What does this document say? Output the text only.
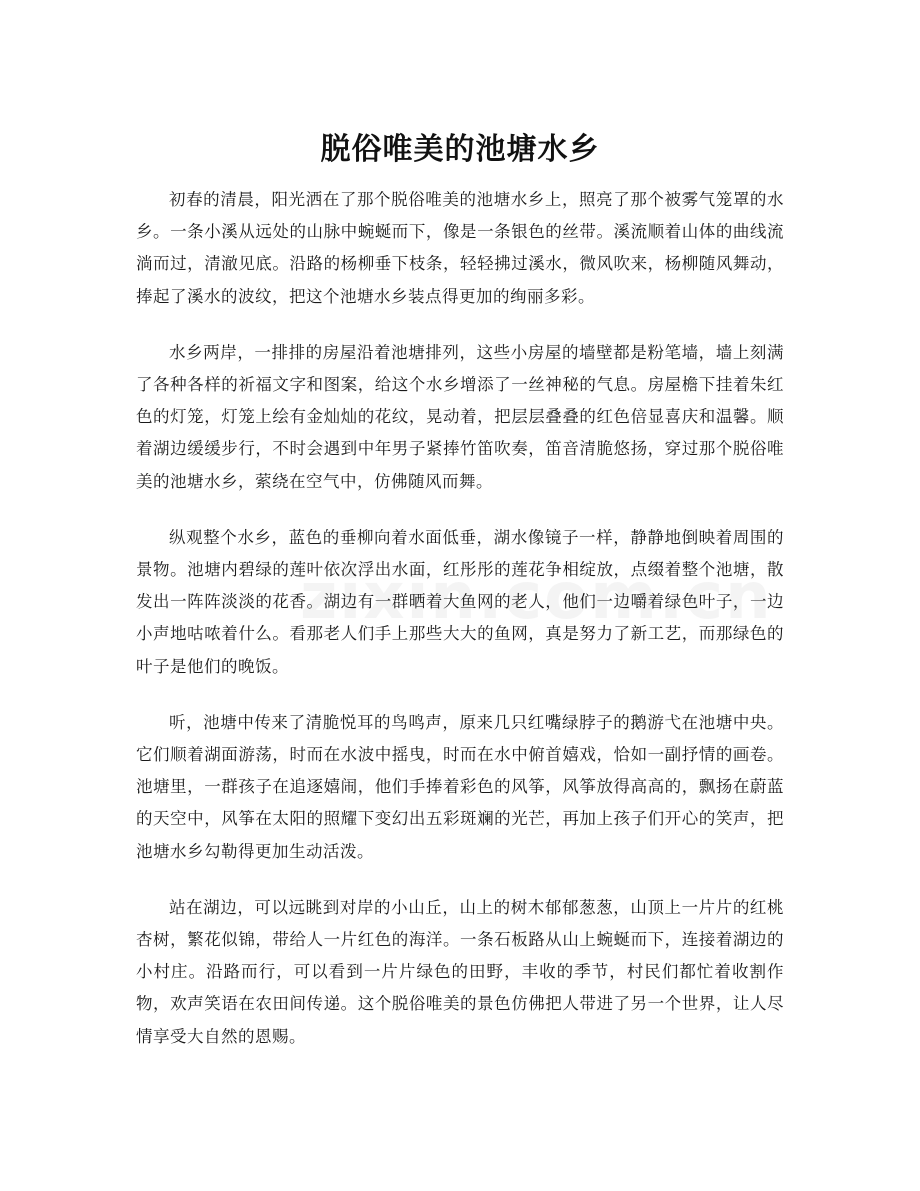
脱俗唯美的池塘水乡

初春的清晨，阳光洒在了那个脱俗唯美的池塘水乡上，照亮了那个被雾气笼罩的水乡。一条小溪从远处的山脉中蜿蜒而下，像是一条银色的丝带。溪流顺着山体的曲线流淌而过，清澈见底。沿路的杨柳垂下枝条，轻轻拂过溪水，微风吹来，杨柳随风舞动，捧起了溪水的波纹，把这个池塘水乡装点得更加的绚丽多彩。

水乡两岸，一排排的房屋沿着池塘排列，这些小房屋的墙壁都是粉笔墙，墙上刻满了各种各样的祈福文字和图案，给这个水乡增添了一丝神秘的气息。房屋檐下挂着朱红色的灯笼，灯笼上绘有金灿灿的花纹，晃动着，把层层叠叠的红色倍显喜庆和温馨。顺着湖边缓缓步行，不时会遇到中年男子紧捧竹笛吹奏，笛音清脆悠扬，穿过那个脱俗唯美的池塘水乡，萦绕在空气中，仿佛随风而舞。

纵观整个水乡，蓝色的垂柳向着水面低垂，湖水像镜子一样，静静地倒映着周围的景物。池塘内碧绿的莲叶依次浮出水面，红彤彤的莲花争相绽放，点缀着整个池塘，散发出一阵阵淡淡的花香。湖边有一群晒着大鱼网的老人，他们一边嚼着绿色叶子，一边小声地咕哝着什么。看那老人们手上那些大大的鱼网，真是努力了新工艺，而那绿色的叶子是他们的晚饭。

听，池塘中传来了清脆悦耳的鸟鸣声，原来几只红嘴绿脖子的鹅游弋在池塘中央。它们顺着湖面游荡，时而在水波中摇曳，时而在水中俯首嬉戏，恰如一副抒情的画卷。池塘里，一群孩子在追逐嬉闹，他们手捧着彩色的风筝，风筝放得高高的，飘扬在蔚蓝的天空中，风筝在太阳的照耀下变幻出五彩斑斓的光芒，再加上孩子们开心的笑声，把池塘水乡勾勒得更加生动活泼。

站在湖边，可以远眺到对岸的小山丘，山上的树木郁郁葱葱，山顶上一片片的红桃杏树，繁花似锦，带给人一片红色的海洋。一条石板路从山上蜿蜒而下，连接着湖边的小村庄。沿路而行，可以看到一片片绿色的田野，丰收的季节，村民们都忙着收割作物，欢声笑语在农田间传递。这个脱俗唯美的景色仿佛把人带进了另一个世界，让人尽情享受大自然的恩赐。
